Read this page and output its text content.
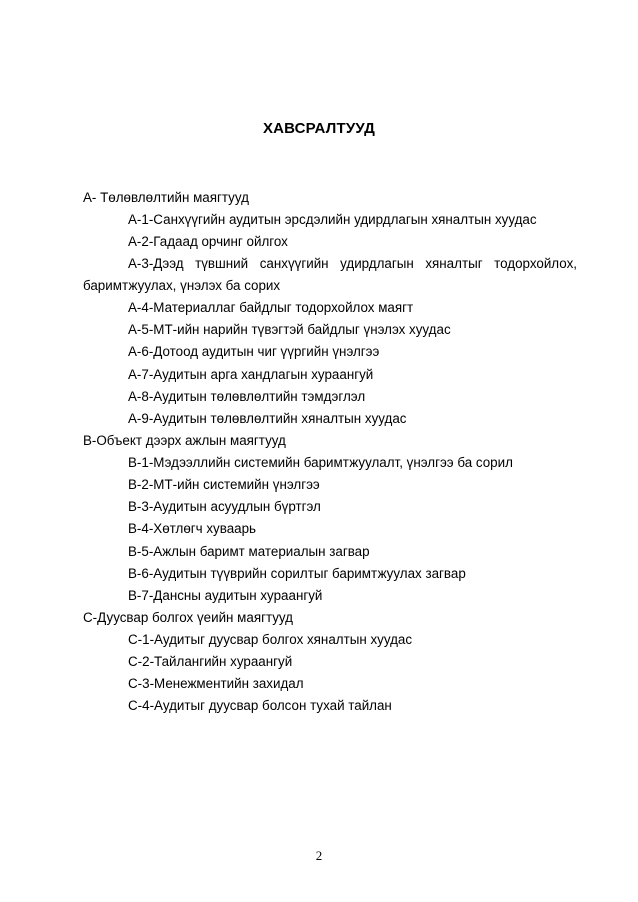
ХАВСРАЛТУУД
А- Төлөвлөлтийн маягтууд
А-1-Санхүүгийн аудитын эрсдэлийн удирдлагын хяналтын хуудас
А-2-Гадаад орчинг ойлгох
А-3-Дээд түвшний санхүүгийн удирдлагын хяналтыг тодорхойлох,
баримтжуулах, үнэлэх ба сорих
А-4-Материаллаг байдлыг тодорхойлох маягт
А-5-МТ-ийн нарийн түвэгтэй байдлыг үнэлэх хуудас
А-6-Дотоод аудитын чиг үүргийн үнэлгээ
А-7-Аудитын арга хандлагын хураангуй
А-8-Аудитын төлөвлөлтийн тэмдэглэл
А-9-Аудитын төлөвлөлтийн хяналтын хуудас
В-Объект дээрх ажлын маягтууд
В-1-Мэдээллийн системийн баримтжуулалт, үнэлгээ ба сорил
В-2-МТ-ийн системийн үнэлгээ
В-3-Аудитын асуудлын бүртгэл
В-4-Хөтлөгч хуваарь
В-5-Ажлын баримт материалын загвар
В-6-Аудитын түүврийн сорилтыг баримтжуулах загвар
В-7-Дансны аудитын хураангуй
С-Дуусвар болгох үеийн маягтууд
С-1-Аудитыг дуусвар болгох хяналтын хуудас
С-2-Тайлангийн хураангуй
С-3-Менежментийн захидал
С-4-Аудитыг дуусвар болсон тухай тайлан
2
